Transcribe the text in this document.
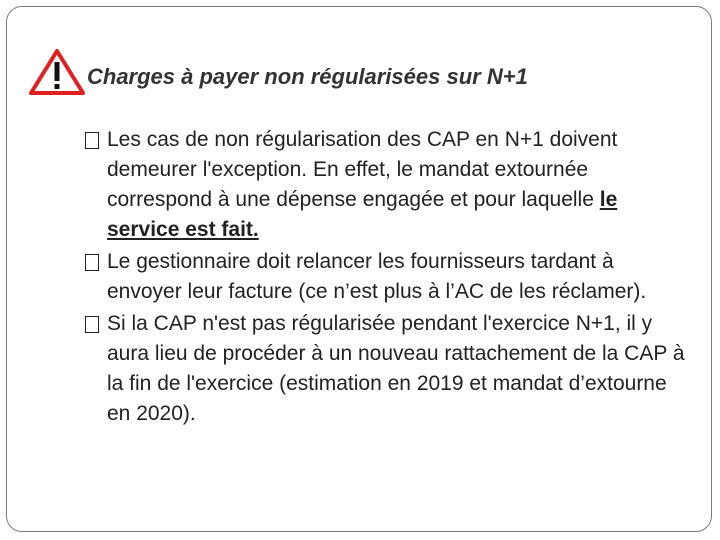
Charges à payer non régularisées sur N+1

Les cas de non régularisation des CAP en N+1 doivent demeurer l'exception. En effet, le mandat extournée correspond à une dépense engagée et pour laquelle le service est fait.

Le gestionnaire doit relancer les fournisseurs tardant à envoyer leur facture (ce n’est plus à l’AC de les réclamer).

Si la CAP n'est pas régularisée pendant l'exercice N+1, il y aura lieu de procéder à un nouveau rattachement de la CAP à la fin de l'exercice (estimation en 2019 et mandat d’extourne en 2020).
